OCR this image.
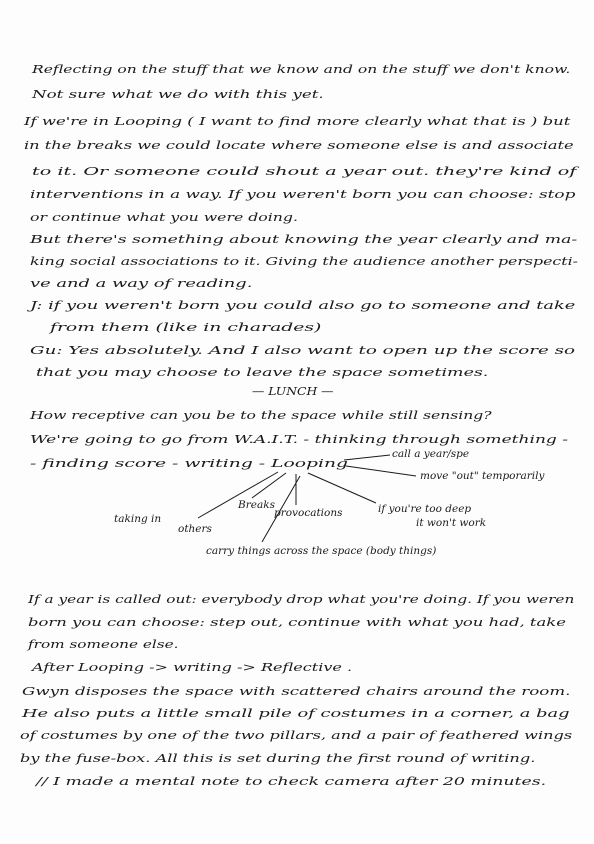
Reflecting on the stuff that we know and on the stuff we don't know.
Not sure what we do with this yet.
If we're in Looping ( I want to find more clearly what that is ) but
in the breaks we could locate where someone else is and associate
to it. Or someone could shout a year out. they're kind of
interventions in a way. If you weren't born you can choose: stop
or continue what you were doing.
But there's something about knowing the year clearly and ma-
king social associations to it. Giving the audience another perspecti-
ve and a way of reading.
J: if you weren't born you could also go to someone and take
from them (like in charades)
Gu: Yes absolutely. And I also want to open up the score so
that you may choose to leave the space sometimes.
— LUNCH —
How receptive can you be to the space while still sensing?
We're going to go from W.A.I.T. - thinking through something -
- finding score - writing - Looping
call a year/spe
move "out" temporarily
Breaks
provocations	if you're too deep
it won't work
taking in
others
carry things across the space (body things)
If a year is called out: everybody drop what you're doing. If you weren
born you can choose: step out, continue with what you had, take
from someone else.
After Looping -> writing -> Reflective .
Gwyn disposes the space with scattered chairs around the room.
He also puts a little small pile of costumes in a corner, a bag
of costumes by one of the two pillars, and a pair of feathered wings
by the fuse-box. All this is set during the first round of writing.
// I made a mental note to check camera after 20 minutes.
